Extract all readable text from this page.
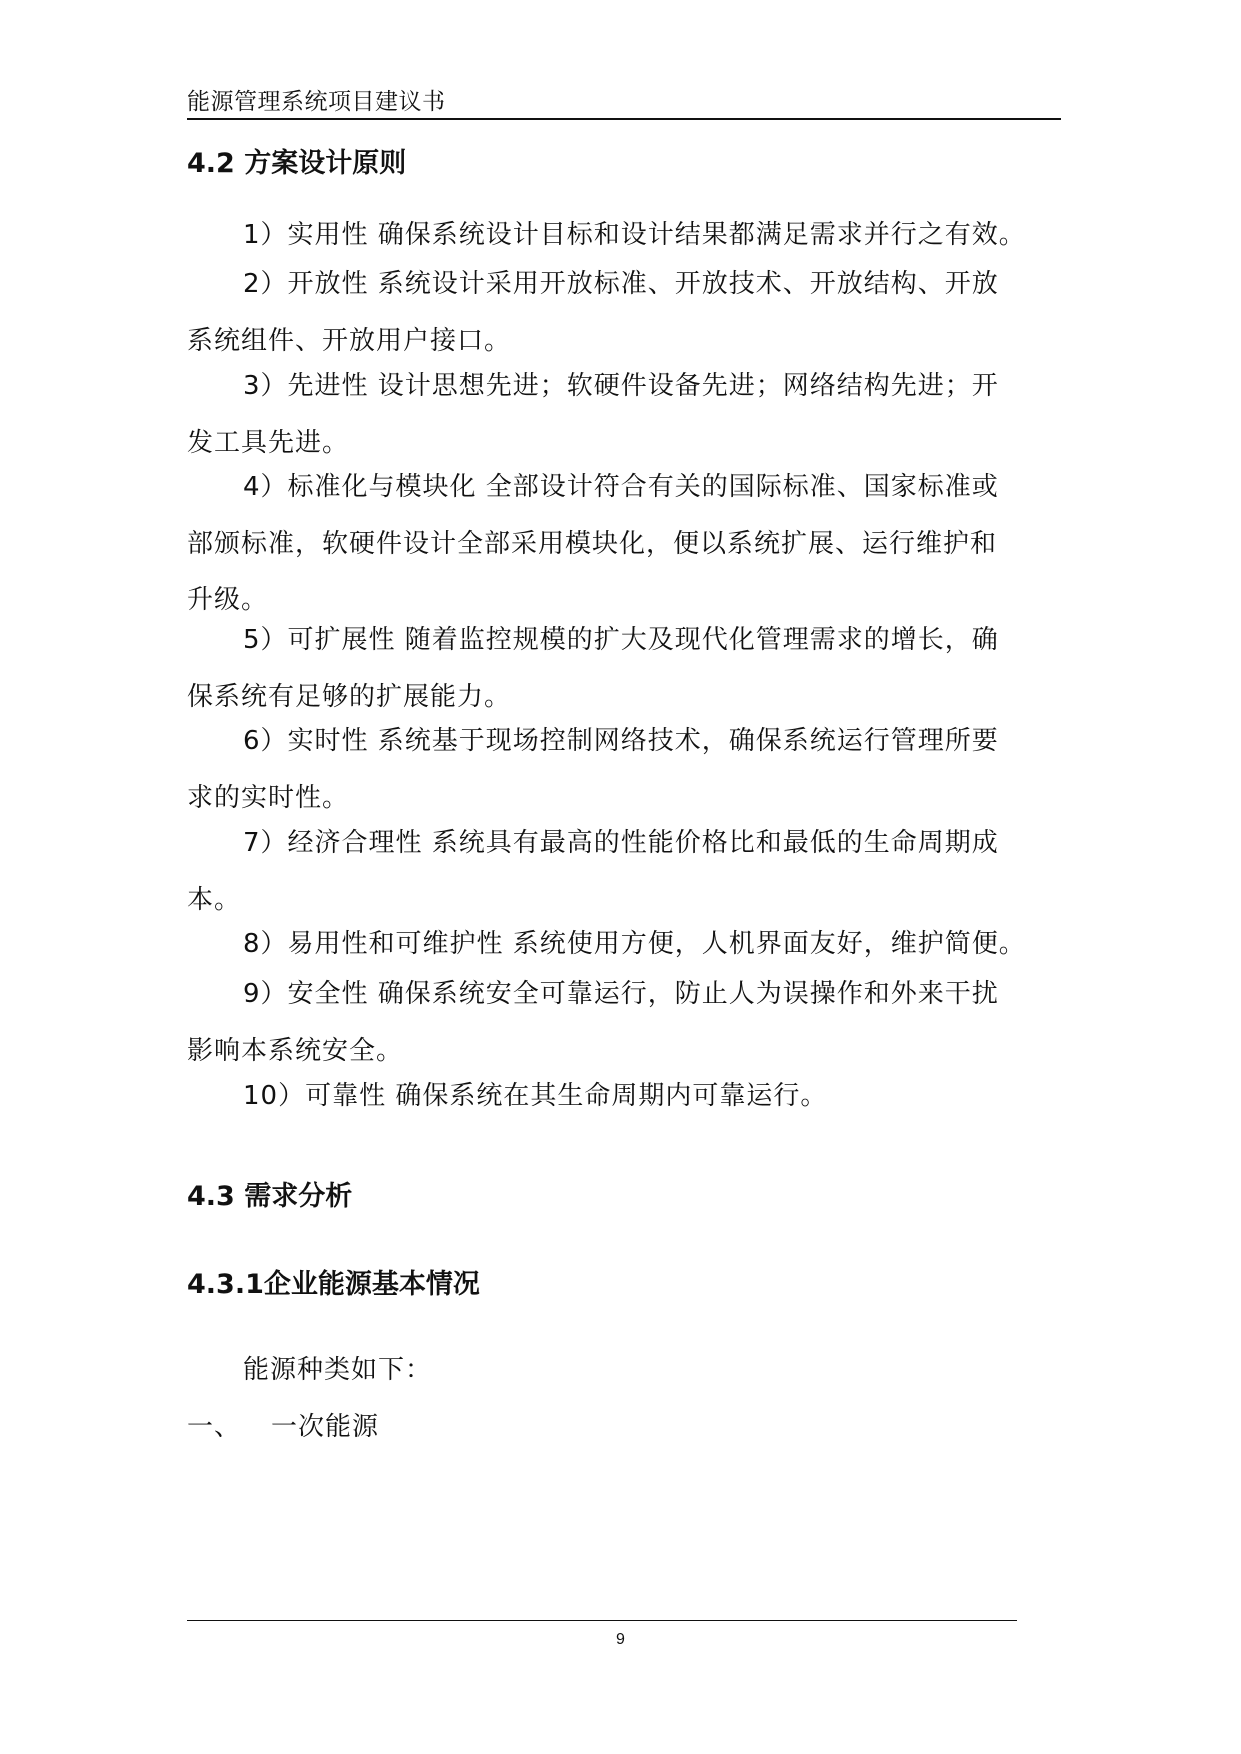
能源管理系统项目建议书
4.2 方案设计原则
1）实用性 确保系统设计目标和设计结果都满足需求并行之有效。
2）开放性 系统设计采用开放标准、开放技术、开放结构、开放
系统组件、开放用户接口。
3）先进性 设计思想先进；软硬件设备先进；网络结构先进；开
发工具先进。
4）标准化与模块化 全部设计符合有关的国际标准、国家标准或
部颁标准，软硬件设计全部采用模块化，便以系统扩展、运行维护和
升级。
5）可扩展性 随着监控规模的扩大及现代化管理需求的增长，确
保系统有足够的扩展能力。
6）实时性 系统基于现场控制网络技术，确保系统运行管理所要
求的实时性。
7）经济合理性 系统具有最高的性能价格比和最低的生命周期成
本。
8）易用性和可维护性 系统使用方便，人机界面友好，维护简便。
9）安全性 确保系统安全可靠运行，防止人为误操作和外来干扰
影响本系统安全。
10）可靠性 确保系统在其生命周期内可靠运行。
4.3 需求分析
4.3.1企业能源基本情况
能源种类如下：
一、 一次能源
9
